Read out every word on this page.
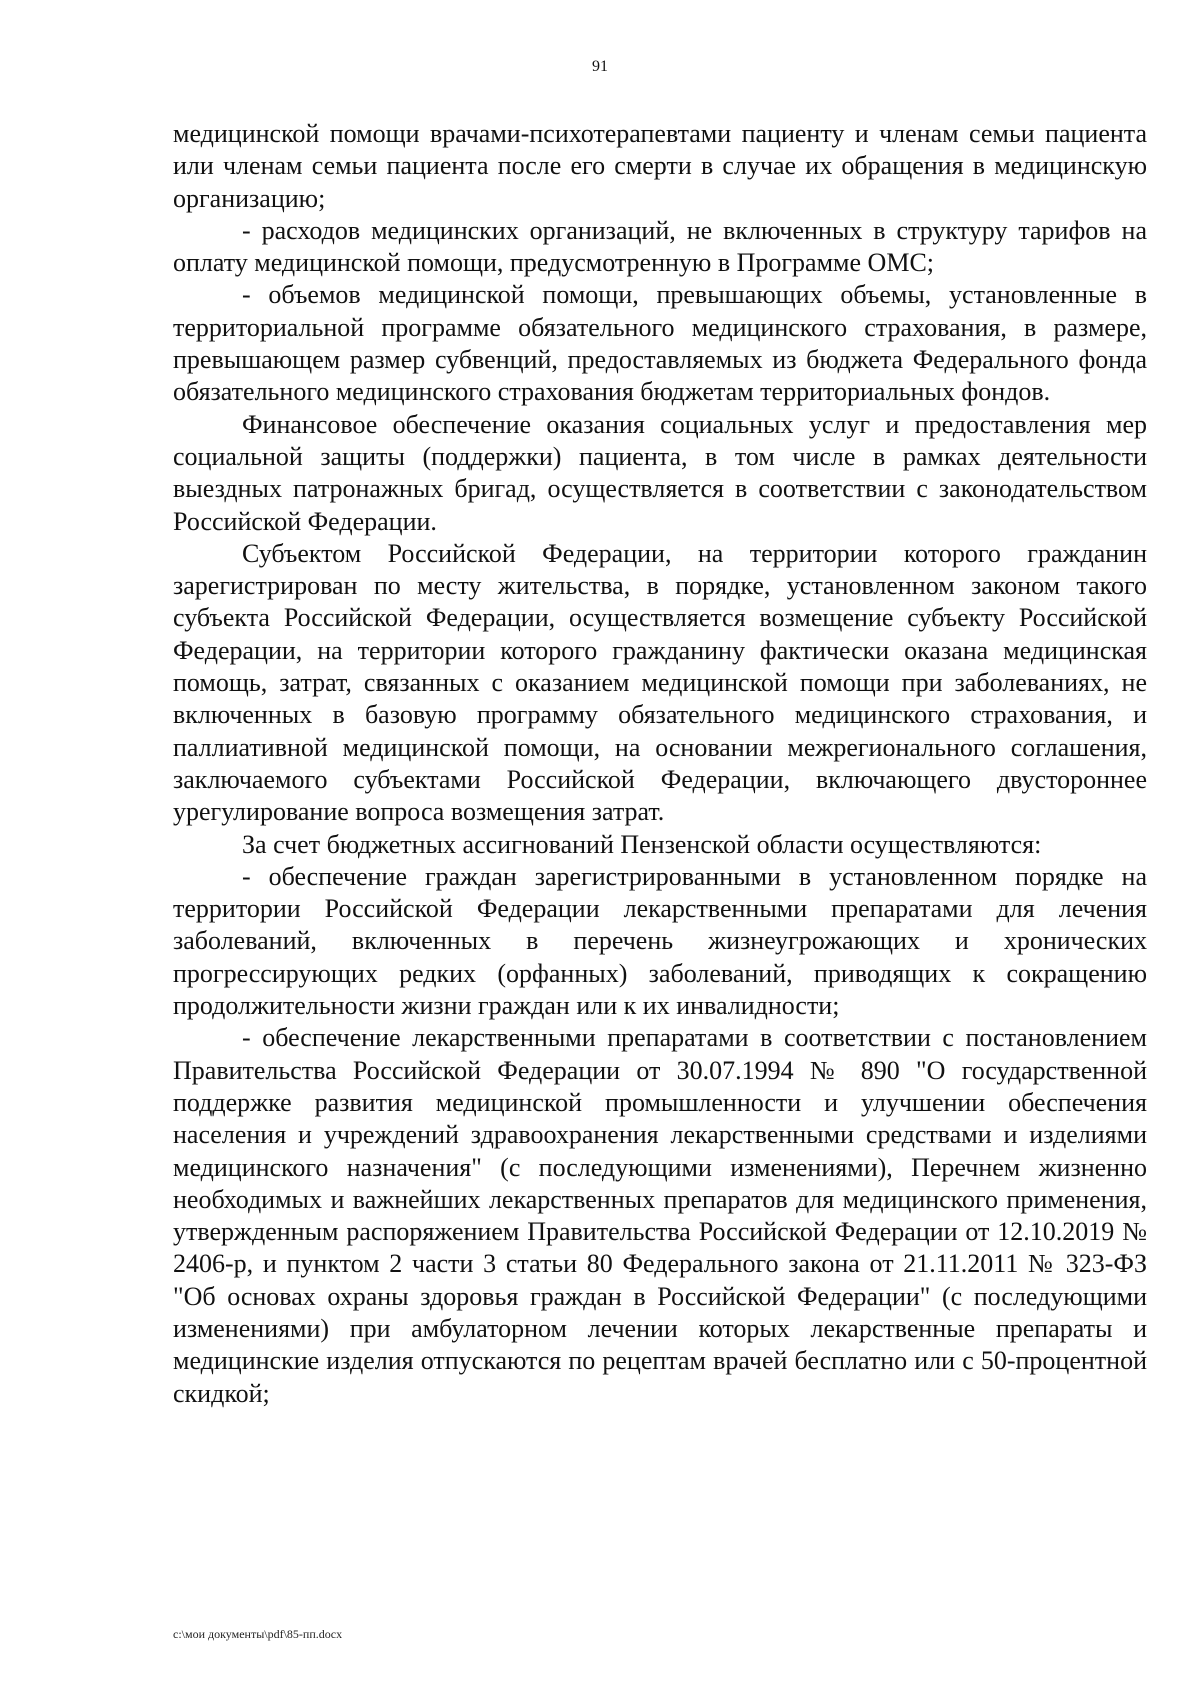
91

медицинской помощи врачами-психотерапевтами пациенту и членам семьи пациента или членам семьи пациента после его смерти в случае их обращения в медицинскую организацию;

- расходов медицинских организаций, не включенных в структуру тарифов на оплату медицинской помощи, предусмотренную в Программе ОМС;

- объемов медицинской помощи, превышающих объемы, установленные в территориальной программе обязательного медицинского страхования, в размере, превышающем размер субвенций, предоставляемых из бюджета Федерального фонда обязательного медицинского страхования бюджетам территориальных фондов.

Финансовое обеспечение оказания социальных услуг и предоставления мер социальной защиты (поддержки) пациента, в том числе в рамках деятельности выездных патронажных бригад, осуществляется в соответствии с законодательством Российской Федерации.

Субъектом Российской Федерации, на территории которого гражданин зарегистрирован по месту жительства, в порядке, установленном законом такого субъекта Российской Федерации, осуществляется возмещение субъекту Российской Федерации, на территории которого гражданину фактически оказана медицинская помощь, затрат, связанных с оказанием медицинской помощи при заболеваниях, не включенных в базовую программу обязательного медицинского страхования, и паллиативной медицинской помощи, на основании межрегионального соглашения, заключаемого субъектами Российской Федерации, включающего двустороннее урегулирование вопроса возмещения затрат.

За счет бюджетных ассигнований Пензенской области осуществляются:

- обеспечение граждан зарегистрированными в установленном порядке на территории Российской Федерации лекарственными препаратами для лечения заболеваний, включенных в перечень жизнеугрожающих и хронических прогрессирующих редких (орфанных) заболеваний, приводящих к сокращению продолжительности жизни граждан или к их инвалидности;

- обеспечение лекарственными препаратами в соответствии с постановлением Правительства Российской Федерации от 30.07.1994 № 890 "О государственной поддержке развития медицинской промышленности и улучшении обеспечения населения и учреждений здравоохранения лекарственными средствами и изделиями медицинского назначения" (с последующими изменениями), Перечнем жизненно необходимых и важнейших лекарственных препаратов для медицинского применения, утвержденным распоряжением Правительства Российской Федерации от 12.10.2019 № 2406-р, и пунктом 2 части 3 статьи 80 Федерального закона от 21.11.2011 № 323-ФЗ "Об основах охраны здоровья граждан в Российской Федерации" (с последующими изменениями) при амбулаторном лечении которых лекарственные препараты и медицинские изделия отпускаются по рецептам врачей бесплатно или с 50-процентной скидкой;

c:\мои документы\pdf\85-пп.docx
